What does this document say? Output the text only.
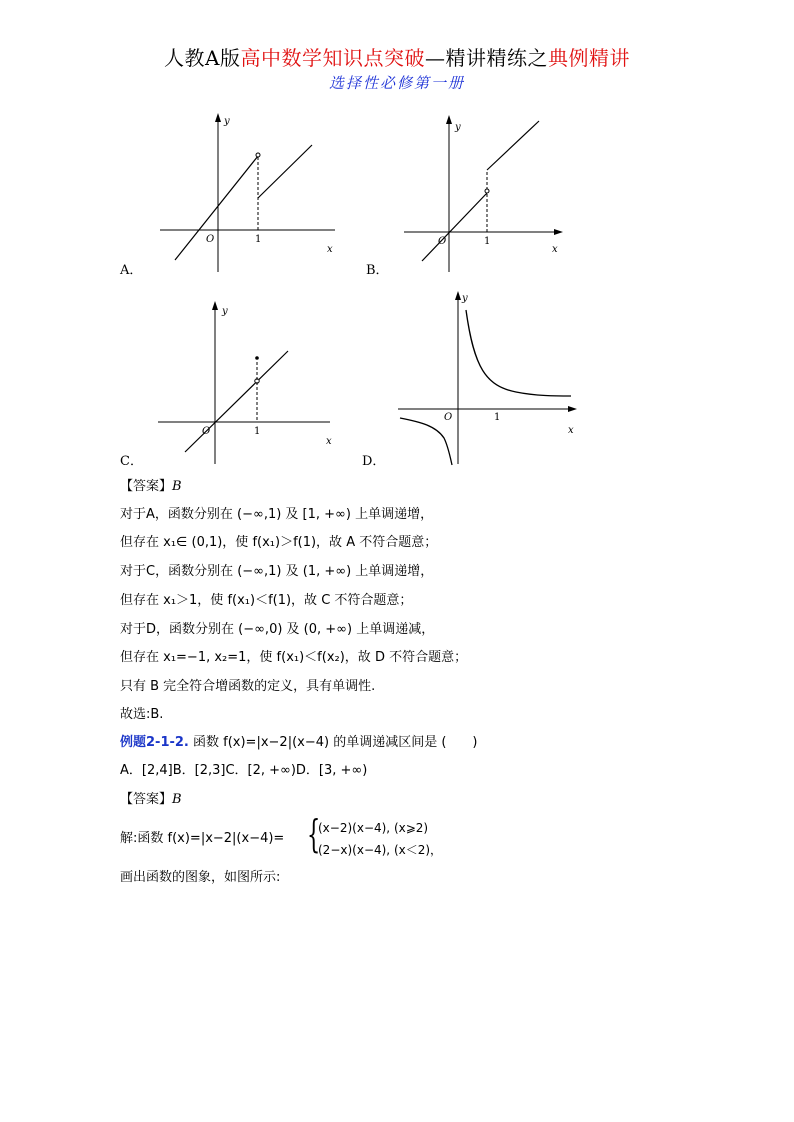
人教A版高中数学知识点突破—精讲精练之典例精讲
选择性必修第一册
y
O	1
x
A．
y
O	1
x
B．
y
O	1
x
C．
y
O	1
x
D．
【答案】B
对于A，函数分别在 (−∞,1) 及 [1, +∞) 上单调递增，
但存在 x₁∈ (0,1)，使 f(x₁)＞f(1)，故 A 不符合题意；
对于C，函数分别在 (−∞,1) 及 (1, +∞) 上单调递增，
但存在 x₁＞1，使 f(x₁)＜f(1)，故 C 不符合题意；
对于D，函数分别在 (−∞,0) 及 (0, +∞) 上单调递减，
但存在 x₁=−1, x₂=1，使 f(x₁)＜f(x₂)，故 D 不符合题意；
只有 B 完全符合增函数的定义，具有单调性.
故选:B.
例题2-1-2. 函数 f(x)=|x−2|(x−4) 的单调递减区间是 (　　)
A．[2,4]B．[2,3]C．[2, +∞)D．[3, +∞)
【答案】B
解:函数 f(x)=|x−2|(x−4)= {
(x−2)(x−4), (x⩾2)
(2−x)(x−4), (x＜2)，
画出函数的图象，如图所示:
